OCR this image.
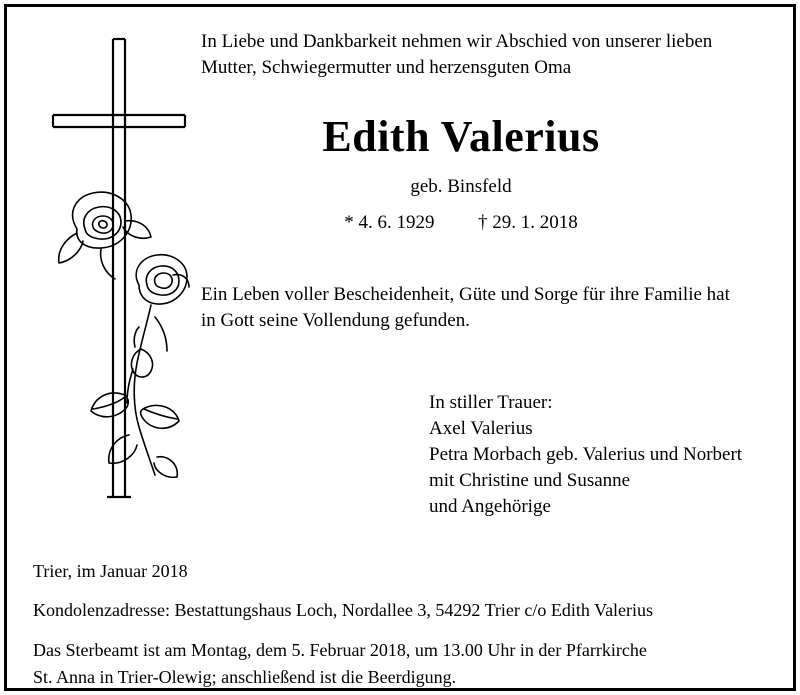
In Liebe und Dankbarkeit nehmen wir Abschied von unserer lieben
Mutter, Schwiegermutter und herzensguten Oma

Edith Valerius
geb. Binsfeld
* 4. 6. 1929 † 29. 1. 2018

Ein Leben voller Bescheidenheit, Güte und Sorge für ihre Familie hat
in Gott seine Vollendung gefunden.

In stiller Trauer:
Axel Valerius
Petra Morbach geb. Valerius und Norbert
mit Christine und Susanne
und Angehörige
Trier, im Januar 2018
Kondolenzadresse: Bestattungshaus Loch, Nordallee 3, 54292 Trier c/o Edith Valerius
Das Sterbeamt ist am Montag, dem 5. Februar 2018, um 13.00 Uhr in der Pfarrkirche
St. Anna in Trier-Olewig; anschließend ist die Beerdigung.
